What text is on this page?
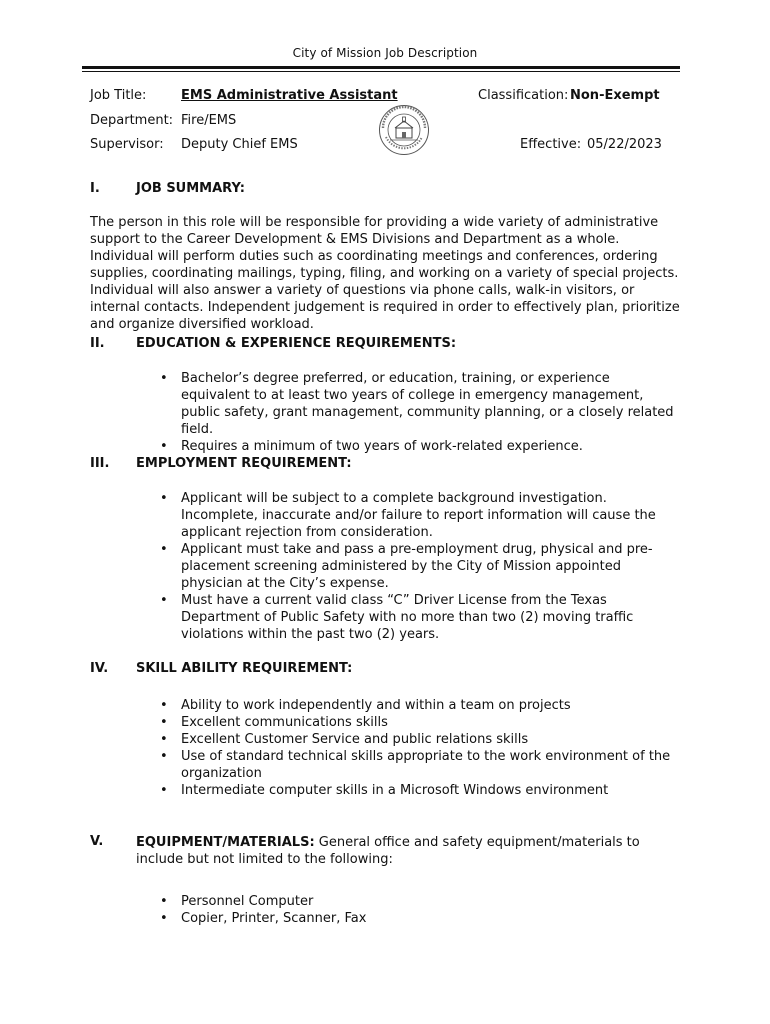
City of Mission Job Description
Job Title:	EMS Administrative Assistant	Classification: Non-Exempt
Department: Fire/EMS
Supervisor: Deputy Chief EMS	Effective: 05/22/2023
I.	JOB SUMMARY:

The person in this role will be responsible for providing a wide variety of administrative support to the Career Development & EMS Divisions and Department as a whole. Individual will perform duties such as coordinating meetings and conferences, ordering supplies, coordinating mailings, typing, filing, and working on a variety of special projects. Individual will also answer a variety of questions via phone calls, walk-in visitors, or internal contacts. Independent judgement is required in order to effectively plan, prioritize and organize diversified workload.

II. EDUCATION & EXPERIENCE REQUIREMENTS:
• Bachelor’s degree preferred, or education, training, or experience equivalent to at least two years of college in emergency management, public safety, grant management, community planning, or a closely related field.
• Requires a minimum of two years of work-related experience.
III. EMPLOYMENT REQUIREMENT:
• Applicant will be subject to a complete background investigation. Incomplete, inaccurate and/or failure to report information will cause the applicant rejection from consideration.
• Applicant must take and pass a pre-employment drug, physical and pre-placement screening administered by the City of Mission appointed physician at the City’s expense.
• Must have a current valid class “C” Driver License from the Texas Department of Public Safety with no more than two (2) moving traffic violations within the past two (2) years.
IV. SKILL ABILITY REQUIREMENT:
• Ability to work independently and within a team on projects
• Excellent communications skills
• Excellent Customer Service and public relations skills
• Use of standard technical skills appropriate to the work environment of the organization
• Intermediate computer skills in a Microsoft Windows environment
V.	EQUIPMENT/MATERIALS: General office and safety equipment/materials to include but not limited to the following:
• Personnel Computer
• Copier, Printer, Scanner, Fax
